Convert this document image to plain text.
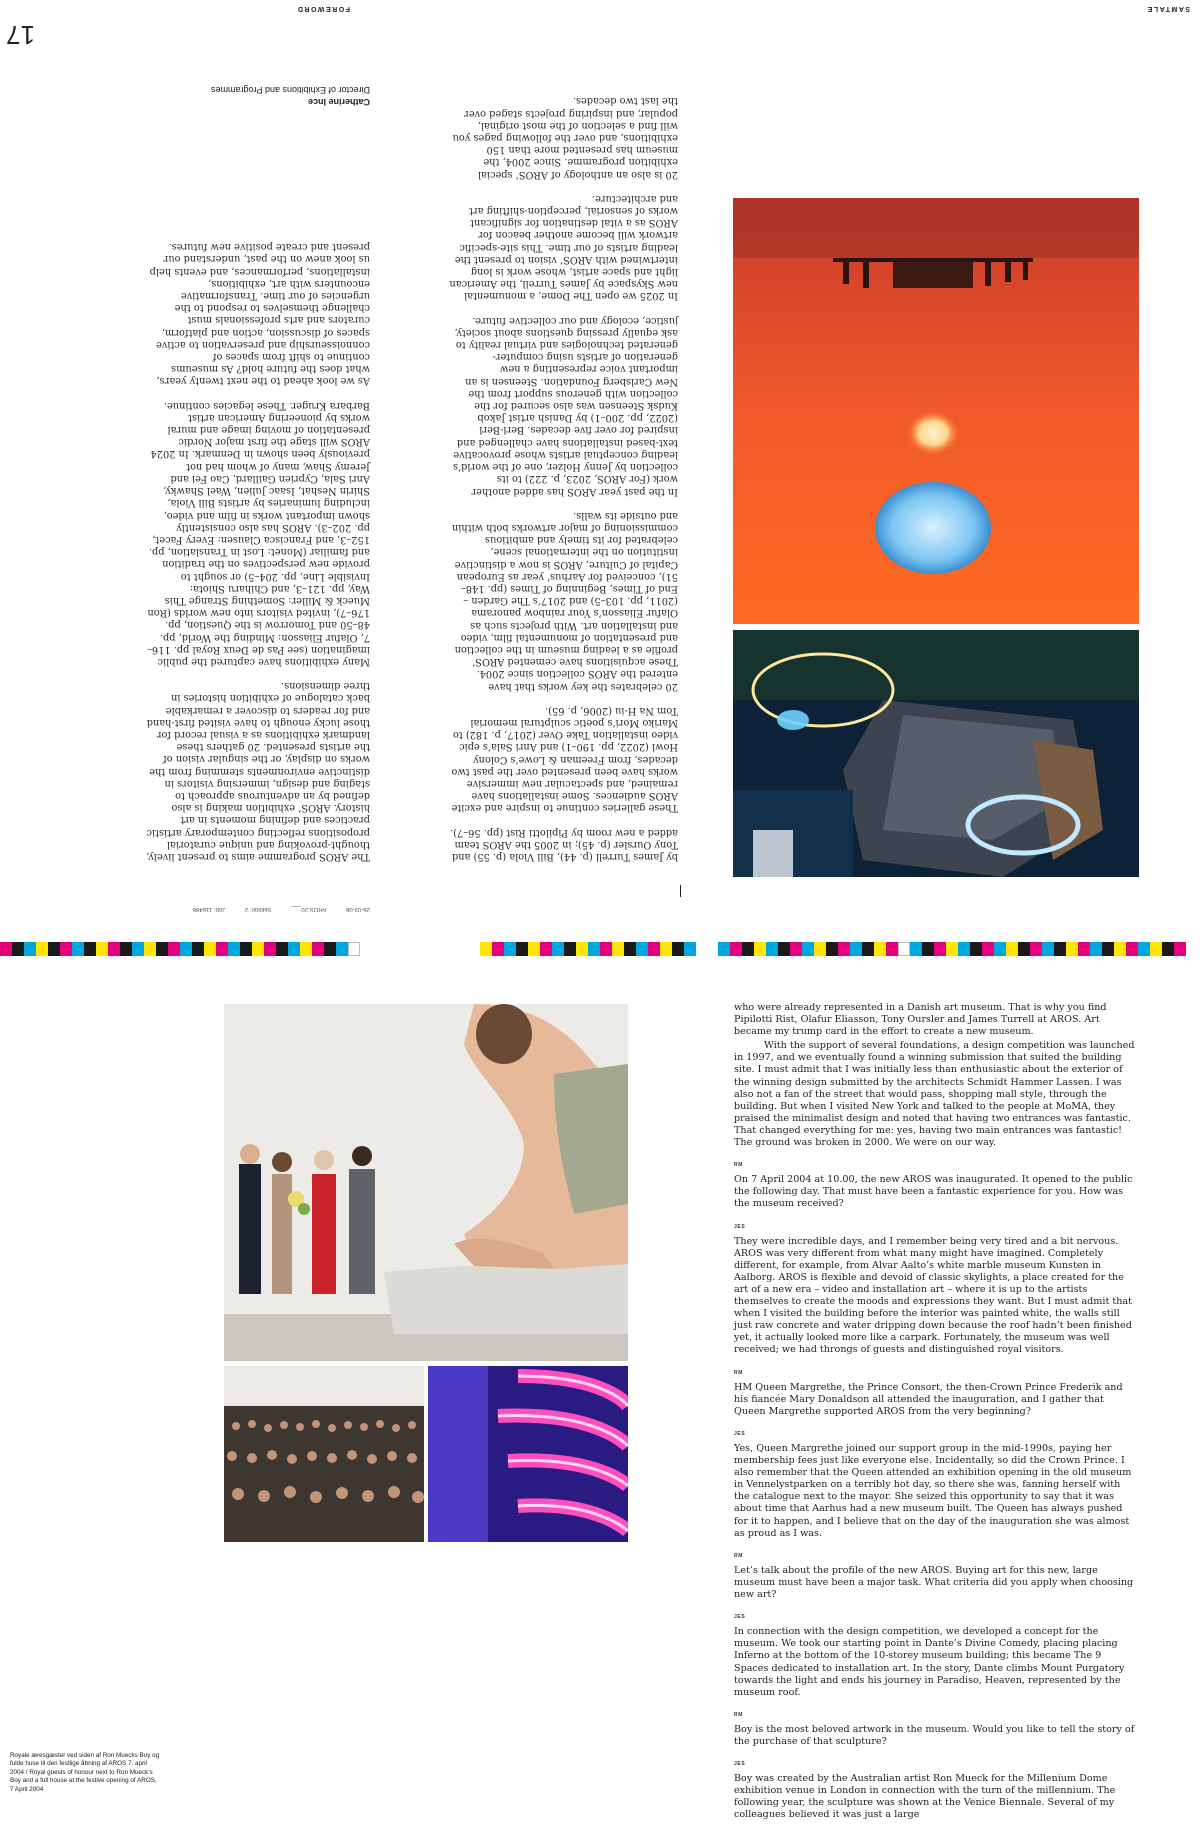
17
FOREWORD	SAMTALE

by James Turrell (p. 44), Bill Viola (p. 55) and Tony Oursler (p. 45); in 2005 the AROS team added a new room by Pipilotti Rist (pp. 56–7).

These galleries continue to inspire and excite AROS audiences. Some installations have remained, and spectacular new immersive works have been presented over the past two decades, from Freeman & Lowe’s Colony Howl (2022, pp. 190–1) and Anri Sala’s epic video installation Take Over (2017, p. 182) to Mariko Mori’s poetic sculptural memorial Tom Na H-iu (2006, p. 65).

20 celebrates the key works that have entered the AROS collection since 2004. These acquisitions have cemented AROS’ profile as a leading museum in the collection and presentation of monumental film, video and installation art. With projects such as Olafur Eliasson’s Your rainbow panorama (2011, pp. 103–5) and 2017’s The Garden – End of Times, Beginning of Times (pp. 148–51), conceived for Aarhus’ year as European Capital of Culture, AROS is now a distinctive institution on the international scene, celebrated for its timely and ambitious commissioning of major artworks both within and outside its walls.

In the past year AROS has added another work (For AROS, 2023, p. 222) to its collection by Jenny Holzer, one of the world’s leading conceptual artists whose provocative text-based installations have challenged and inspired for over five decades. Berl-Berl (2022, pp. 200–1) by Danish artist Jakob Kudsk Steensen was also secured for the collection with generous support from the New Carlsberg Foundation. Steensen is an important voice representing a new generation of artists using computer-generated technologies and virtual reality to ask equally pressing questions about society, justice, ecology and our collective future.

In 2025 we open The Dome, a monumental new Skyspace by James Turrell, the American light and space artist, whose work is long intertwined with AROS’ vision to present the leading artists of our time. This site-specific artwork will become another beacon for AROS as a vital destination for significant works of sensorial, perception-shifting art and architecture.

20 is also an anthology of AROS’ special exhibition programme. Since 2004, the museum has presented more than 150 exhibitions, and over the following pages you will find a selection of the most original, popular, and inspiring projects staged over the last two decades.

The AROS programme aims to present lively, thought-provoking and unique curatorial propositions reflecting contemporary artistic practices and defining moments in art history. AROS’ exhibition making is also defined by an adventurous approach to staging and design, immersing visitors in distinctive environments stemming from the works on display, or the singular vision of the artists presented. 20 gathers these landmark exhibitions as a visual record for those lucky enough to have visited first-hand and for readers to discover a remarkable back catalogue of exhibition histories in three dimensions.

Many exhibitions have captured the public imagination (see Pas de Deux Royal pp. 116–7, Olafur Eliasson: Minding the World, pp. 48–50 and Tomorrow is the Question, pp. 176–7), invited visitors into new worlds (Ron Mueck & Miller: Something Strange This Way, pp. 121–3, and Chiharu Shiota: Invisible Line, pp. 204–5) or sought to provide new perspectives on the tradition and familiar (Monet: Lost in Translation, pp. 152–3, and Francisca Clausen: Every Facet, pp. 202–3). AROS has also consistently shown important works in film and video, including luminaries by artists Bill Viola, Shirin Neshat, Isaac Julien, Wael Shawky, Anri Sala, Cyprien Gaillard, Cao Fei and Jeremy Shaw, many of whom had not previously been shown in Denmark. In 2024 AROS will stage the first major Nordic presentation of moving image and mural works by pioneering American artist Barbara Kruger. These legacies continue.

As we look ahead to the next twenty years, what does the future hold? As museums continue to shift from spaces of connoisseurship and preservation to active spaces of discussion, action and platform, curators and arts professionals must challenge themselves to respond to the urgencies of our time. Transformative encounters with art, exhibitions, installations, performances, and events help us look anew on the past, understand our present and create positive new futures.

Catherine Ince
Director of Exhibitions and Programmes
26-03-06 AROS 20___ Sektion: 2 Job: 116486
Royale æresgæster ved siden af Ron Muecks Boy og fulde huse til den festlige åbning af AROS 7. april 2004 / Royal guests of honour next to Ron Mueck’s Boy and a full house at the festive opening of AROS, 7 April 2004

who were already represented in a Danish art museum. That is why you find Pipilotti Rist, Olafur Eliasson, Tony Oursler and James Turrell at AROS. Art became my trump card in the effort to create a new museum.

With the support of several foundations, a design competition was launched in 1997, and we eventually found a winning submission that suited the building site. I must admit that I was initially less than enthusiastic about the exterior of the winning design submitted by the architects Schmidt Hammer Lassen. I was also not a fan of the street that would pass, shopping mall style, through the building. But when I visited New York and talked to the people at MoMA, they praised the minimalist design and noted that having two entrances was fantastic. That changed everything for me: yes, having two main entrances was fantastic! The ground was broken in 2000. We were on our way.

RM

On 7 April 2004 at 10.00, the new AROS was inaugurated. It opened to the public the following day. That must have been a fantastic experience for you. How was the museum received?

JES

They were incredible days, and I remember being very tired and a bit nervous. AROS was very different from what many might have imagined. Completely different, for example, from Alvar Aalto’s white marble museum Kunsten in Aalborg. AROS is flexible and devoid of classic skylights, a place created for the art of a new era – video and installation art – where it is up to the artists themselves to create the moods and expressions they want. But I must admit that when I visited the building before the interior was painted white, the walls still just raw concrete and water dripping down because the roof hadn’t been finished yet, it actually looked more like a carpark. Fortunately, the museum was well received; we had throngs of guests and distinguished royal visitors.

RM

HM Queen Margrethe, the Prince Consort, the then-Crown Prince Frederik and his fiancée Mary Donaldson all attended the inauguration, and I gather that Queen Margrethe supported AROS from the very beginning?

JES

Yes, Queen Margrethe joined our support group in the mid-1990s, paying her membership fees just like everyone else. Incidentally, so did the Crown Prince. I also remember that the Queen attended an exhibition opening in the old museum in Vennelystparken on a terribly hot day, so there she was, fanning herself with the catalogue next to the mayor. She seized this opportunity to say that it was about time that Aarhus had a new museum built. The Queen has always pushed for it to happen, and I believe that on the day of the inauguration she was almost as proud as I was.

RM

Let’s talk about the profile of the new AROS. Buying art for this new, large museum must have been a major task. What criteria did you apply when choosing new art?

JES

In connection with the design competition, we developed a concept for the museum. We took our starting point in Dante’s Divine Comedy, placing placing Inferno at the bottom of the 10-storey museum building; this became The 9 Spaces dedicated to installation art. In the story, Dante climbs Mount Purgatory towards the light and ends his journey in Paradiso, Heaven, represented by the museum roof.

RM

Boy is the most beloved artwork in the museum. Would you like to tell the story of the purchase of that sculpture?

JES

Boy was created by the Australian artist Ron Mueck for the Millenium Dome exhibition venue in London in connection with the turn of the millennium. The following year, the sculpture was shown at the Venice Biennale. Several of my colleagues believed it was just a large
